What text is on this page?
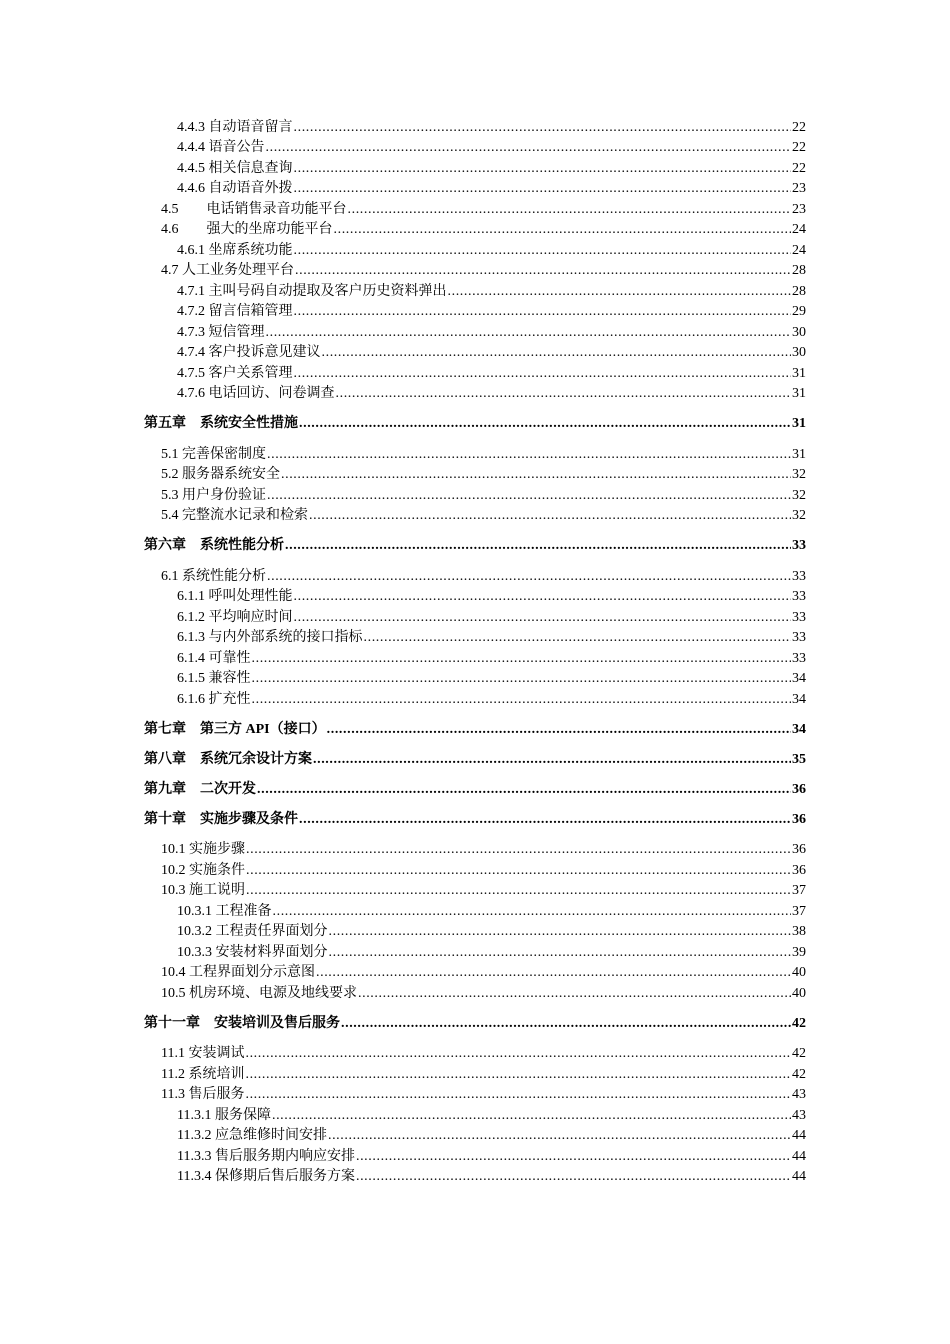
4.4.3 自动语音留言 .....	22
4.4.4 语音公告 .....	22
4.4.5 相关信息查询 .....	22
4.4.6 自动语音外拨 .....	23
4.5　　电话销售录音功能平台 .....	23
4.6　　强大的坐席功能平台 .....	24
4.6.1 坐席系统功能 .....	24
4.7 人工业务处理平台 .....	28
4.7.1 主叫号码自动提取及客户历史资料弹出 .....	28
4.7.2 留言信箱管理 .....	29
4.7.3 短信管理 .....	30
4.7.4 客户投诉意见建议 .....	30
4.7.5 客户关系管理 .....	31
4.7.6 电话回访、问卷调查 .....	31
第五章　系统安全性措施 .....	31
5.1 完善保密制度 .....	31
5.2 服务器系统安全 .....	32
5.3 用户身份验证 .....	32
5.4 完整流水记录和检索 .....	32
第六章　系统性能分析 .....	33
6.1 系统性能分析 .....	33
6.1.1 呼叫处理性能 .....	33
6.1.2 平均响应时间 .....	33
6.1.3 与内外部系统的接口指标 .....	33
6.1.4 可靠性 .....	33
6.1.5 兼容性 .....	34
6.1.6 扩充性 .....	34
第七章　第三方 API（接口） .....	34
第八章　系统冗余设计方案 .....	35
第九章　二次开发 .....	36
第十章　实施步骤及条件 .....	36
10.1 实施步骤 .....	36
10.2 实施条件 .....	36
10.3 施工说明 .....	37
10.3.1 工程准备 .....	37
10.3.2 工程责任界面划分 .....	38
10.3.3 安装材料界面划分 .....	39
10.4 工程界面划分示意图 .....	40
10.5 机房环境、电源及地线要求 .....	40
第十一章　安装培训及售后服务 .....	42
11.1 安装调试 .....	42
11.2 系统培训 .....	42
11.3 售后服务 .....	43
11.3.1 服务保障 .....	43
11.3.2 应急维修时间安排 .....	44
11.3.3 售后服务期内响应安排 .....	44
11.3.4 保修期后售后服务方案 .....	44
